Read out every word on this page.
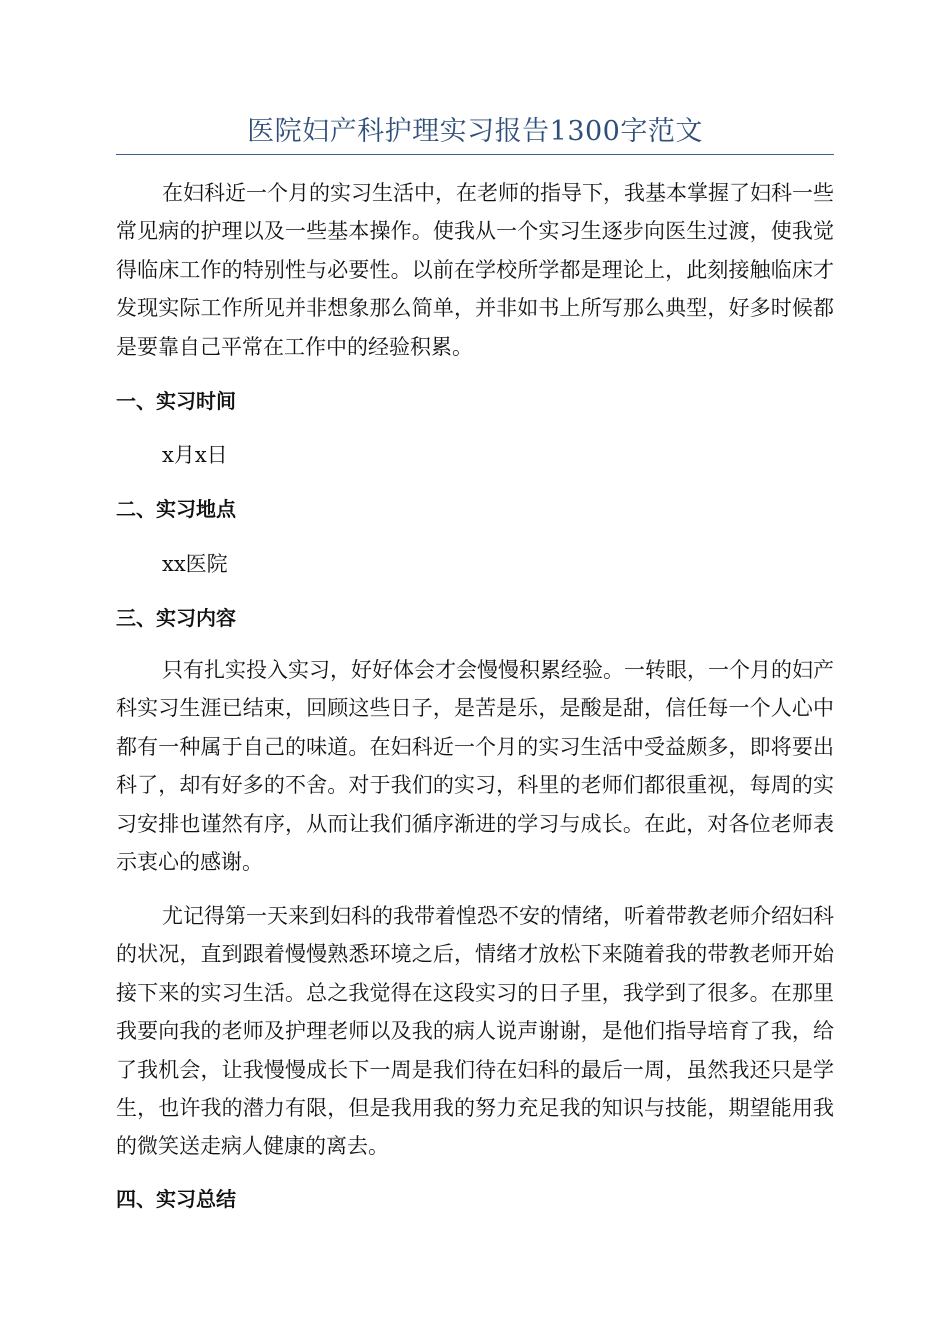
医院妇产科护理实习报告1300字范文

在妇科近一个月的实习生活中，在老师的指导下，我基本掌握了妇科一些常见病的护理以及一些基本操作。使我从一个实习生逐步向医生过渡，使我觉得临床工作的特别性与必要性。以前在学校所学都是理论上，此刻接触临床才发现实际工作所见并非想象那么简单，并非如书上所写那么典型，好多时候都是要靠自己平常在工作中的经验积累。

一、实习时间

x月x日

二、实习地点

xx医院

三、实习内容

只有扎实投入实习，好好体会才会慢慢积累经验。一转眼，一个月的妇产科实习生涯已结束，回顾这些日子，是苦是乐，是酸是甜，信任每一个人心中都有一种属于自己的味道。在妇科近一个月的实习生活中受益颇多，即将要出科了，却有好多的不舍。对于我们的实习，科里的老师们都很重视，每周的实习安排也谨然有序，从而让我们循序渐进的学习与成长。在此，对各位老师表示衷心的感谢。

尤记得第一天来到妇科的我带着惶恐不安的情绪，听着带教老师介绍妇科的状况，直到跟着慢慢熟悉环境之后，情绪才放松下来随着我的带教老师开始接下来的实习生活。总之我觉得在这段实习的日子里，我学到了很多。在那里我要向我的老师及护理老师以及我的病人说声谢谢，是他们指导培育了我，给了我机会，让我慢慢成长下一周是我们待在妇科的最后一周，虽然我还只是学生，也许我的潜力有限，但是我用我的努力充足我的知识与技能，期望能用我的微笑送走病人健康的离去。

四、实习总结
